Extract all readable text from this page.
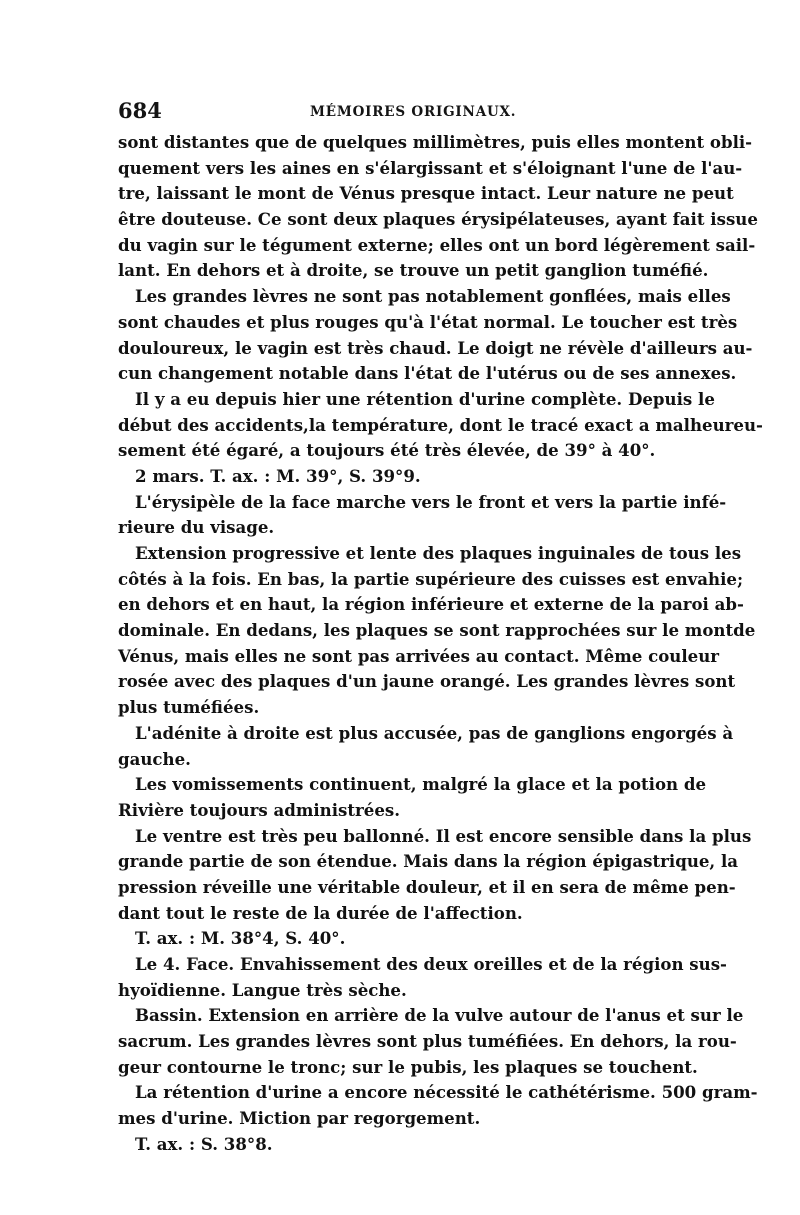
684	MÉMOIRES ORIGINAUX.
sont distantes que de quelques millimètres, puis elles montent obli-
quement vers les aines en s'élargissant et s'éloignant l'une de l'au-
tre, laissant le mont de Vénus presque intact. Leur nature ne peut
être douteuse. Ce sont deux plaques érysipélateuses, ayant fait issue
du vagin sur le tégument externe; elles ont un bord légèrement sail-
lant. En dehors et à droite, se trouve un petit ganglion tuméfié.
Les grandes lèvres ne sont pas notablement gonflées, mais elles
sont chaudes et plus rouges qu'à l'état normal. Le toucher est très
douloureux, le vagin est très chaud. Le doigt ne révèle d'ailleurs au-
cun changement notable dans l'état de l'utérus ou de ses annexes.
Il y a eu depuis hier une rétention d'urine complète. Depuis le
début des accidents,la température, dont le tracé exact a malheureu-
sement été égaré, a toujours été très élevée, de 39° à 40°.
2 mars. T. ax. : M. 39°, S. 39°9.
L'érysipèle de la face marche vers le front et vers la partie infé-
rieure du visage.
Extension progressive et lente des plaques inguinales de tous les
côtés à la fois. En bas, la partie supérieure des cuisses est envahie;
en dehors et en haut, la région inférieure et externe de la paroi ab-
dominale. En dedans, les plaques se sont rapprochées sur le montde
Vénus, mais elles ne sont pas arrivées au contact. Même couleur
rosée avec des plaques d'un jaune orangé. Les grandes lèvres sont
plus tuméfiées.
L'adénite à droite est plus accusée, pas de ganglions engorgés à
gauche.
Les vomissements continuent, malgré la glace et la potion de
Rivière toujours administrées.
Le ventre est très peu ballonné. Il est encore sensible dans la plus
grande partie de son étendue. Mais dans la région épigastrique, la
pression réveille une véritable douleur, et il en sera de même pen-
dant tout le reste de la durée de l'affection.
T. ax. : M. 38°4, S. 40°.
Le 4. Face. Envahissement des deux oreilles et de la région sus-
hyoïdienne. Langue très sèche.
Bassin. Extension en arrière de la vulve autour de l'anus et sur le
sacrum. Les grandes lèvres sont plus tuméfiées. En dehors, la rou-
geur contourne le tronc; sur le pubis, les plaques se touchent.
La rétention d'urine a encore nécessité le cathétérisme. 500 gram-
mes d'urine. Miction par regorgement.
T. ax. : S. 38°8.
